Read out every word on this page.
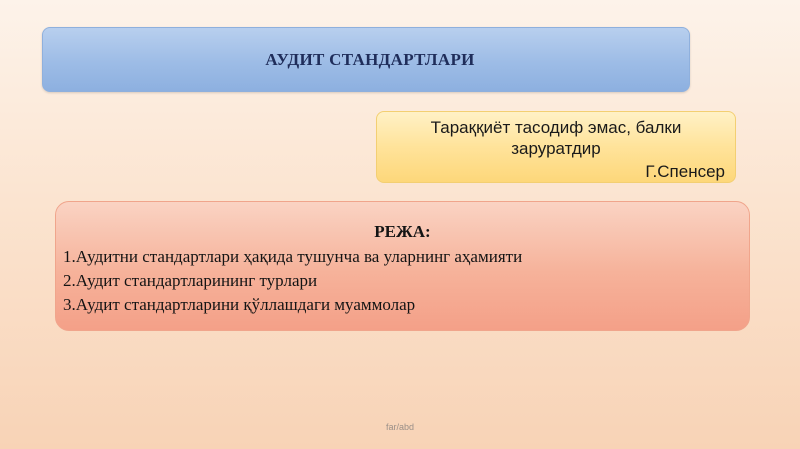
АУДИТ СТАНДАРТЛАРИ
Тараққиёт тасодиф эмас, балки заруратдир
Г.Спенсер
РЕЖА:
1.Аудитни стандартлари ҳақида тушунча ва уларнинг аҳамияти
2.Аудит стандартларининг турлари
3.Аудит стандартларини қўллашдаги муаммолар
far/abd
